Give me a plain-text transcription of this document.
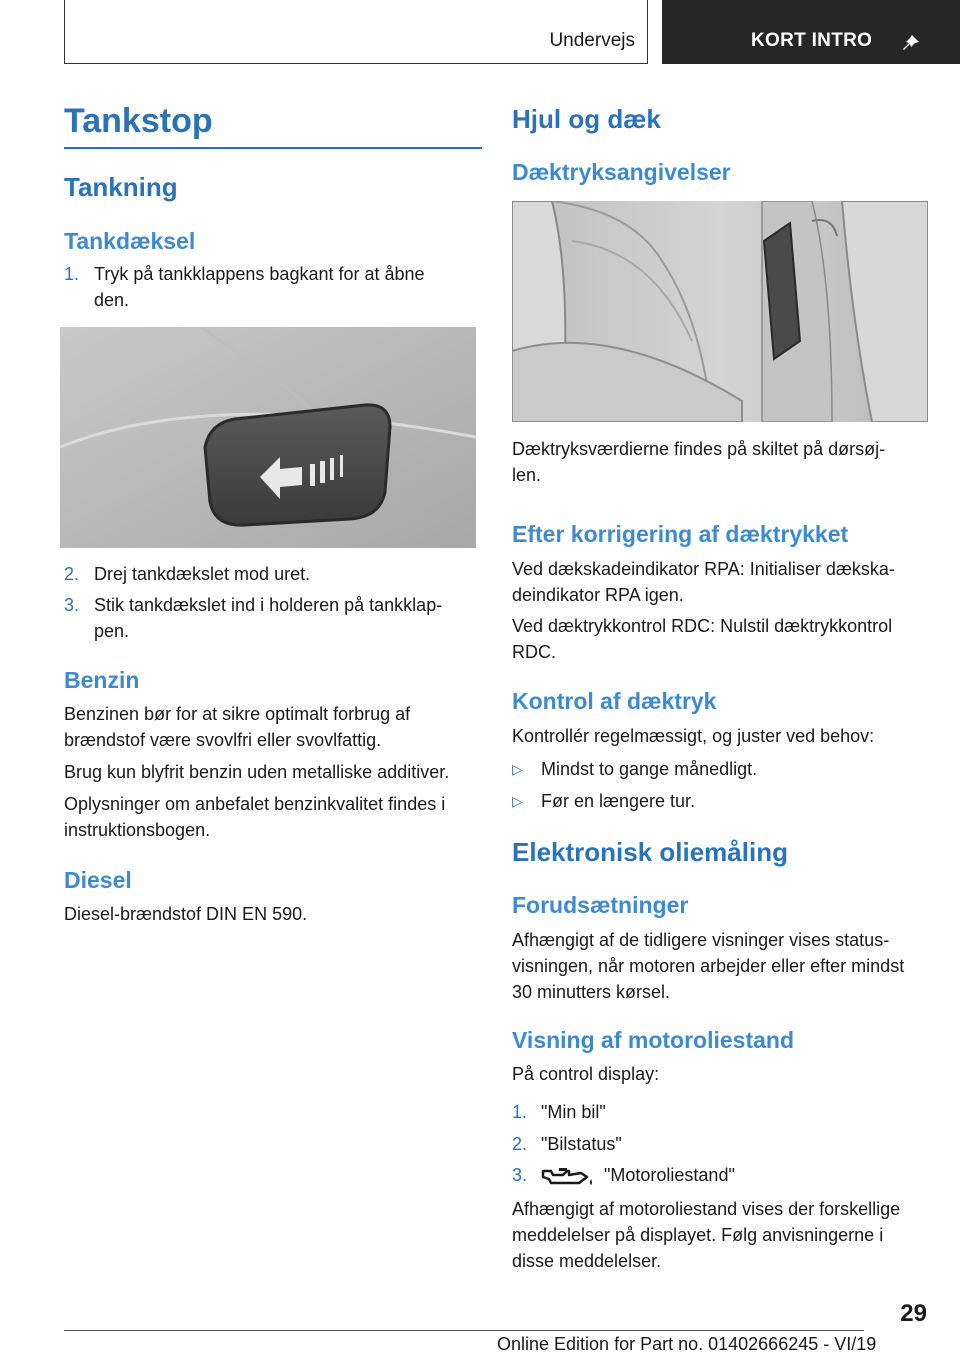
Undervejs	KORT INTRO
Tankstop
Tankning
Tankdæksel
1. Tryk på tankklappens bagkant for at åbne
den.
2. Drej tankdækslet mod uret.
3. Stik tankdækslet ind i holderen på tankklap‐
pen.
Benzin
Benzinen bør for at sikre optimalt forbrug af
brændstof være svovlfri eller svovlfattig.
Brug kun blyfrit benzin uden metalliske additiver.
Oplysninger om anbefalet benzinkvalitet findes i
instruktionsbogen.
Diesel
Diesel-brændstof DIN EN 590.
Hjul og dæk
Dæktryksangivelser
Dæktryksværdierne findes på skiltet på dørsøj‐
len.
Efter korrigering af dæktrykket
Ved dækskadeindikator RPA: Initialiser dækska‐
deindikator RPA igen.
Ved dæktrykkontrol RDC: Nulstil dæktrykkontrol
RDC.
Kontrol af dæktryk
Kontrollér regelmæssigt, og juster ved behov:
▷ Mindst to gange månedligt.
▷ Før en længere tur.
Elektronisk oliemåling
Forudsætninger
Afhængigt af de tidligere visninger vises status‐
visningen, når motoren arbejder eller efter mindst
30 minutters kørsel.
Visning af motoroliestand
På control display:
1. "Min bil"
2. "Bilstatus"
3.	"Motoroliestand"
Afhængigt af motoroliestand vises der forskellige
meddelelser på displayet. Følg anvisningerne i
disse meddelelser.
29
Online Edition for Part no. 01402666245 - VI/19
